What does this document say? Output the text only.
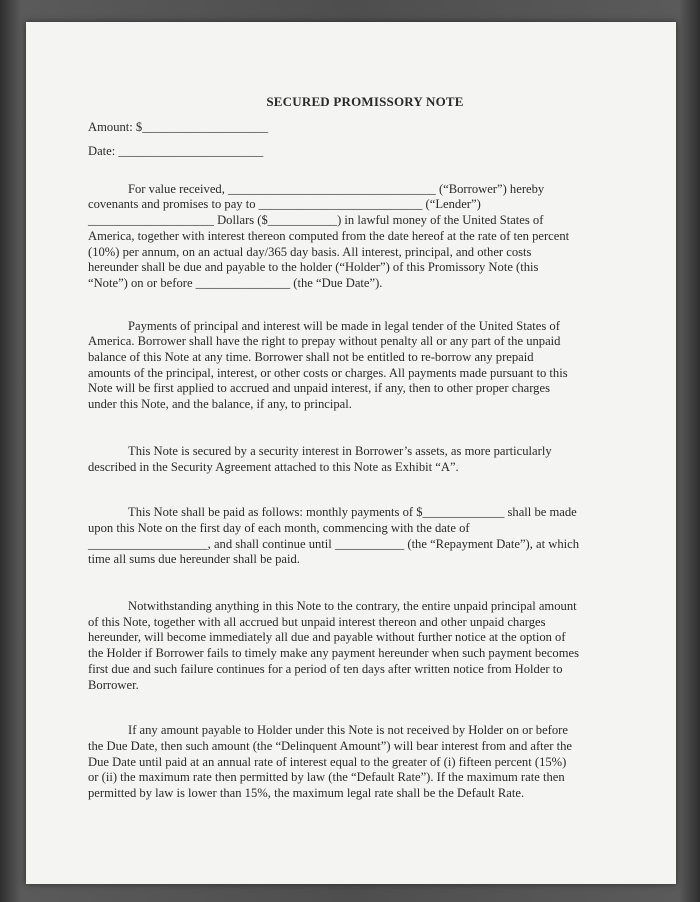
SECURED PROMISSORY NOTE
Amount: $____________________
Date: _______________________
For value received, _________________________________ (“Borrower”) hereby
covenants and promises to pay to __________________________ (“Lender”)
____________________ Dollars ($___________) in lawful money of the United States of
America, together with interest thereon computed from the date hereof at the rate of ten percent
(10%) per annum, on an actual day/365 day basis. All interest, principal, and other costs
hereunder shall be due and payable to the holder (“Holder”) of this Promissory Note (this
“Note”) on or before _______________ (the “Due Date”).
Payments of principal and interest will be made in legal tender of the United States of
America. Borrower shall have the right to prepay without penalty all or any part of the unpaid
balance of this Note at any time. Borrower shall not be entitled to re-borrow any prepaid
amounts of the principal, interest, or other costs or charges. All payments made pursuant to this
Note will be first applied to accrued and unpaid interest, if any, then to other proper charges
under this Note, and the balance, if any, to principal.
This Note is secured by a security interest in Borrower’s assets, as more particularly
described in the Security Agreement attached to this Note as Exhibit “A”.
This Note shall be paid as follows: monthly payments of $_____________ shall be made
upon this Note on the first day of each month, commencing with the date of
___________________, and shall continue until ___________ (the “Repayment Date”), at which
time all sums due hereunder shall be paid.
Notwithstanding anything in this Note to the contrary, the entire unpaid principal amount
of this Note, together with all accrued but unpaid interest thereon and other unpaid charges
hereunder, will become immediately all due and payable without further notice at the option of
the Holder if Borrower fails to timely make any payment hereunder when such payment becomes
first due and such failure continues for a period of ten days after written notice from Holder to
Borrower.
If any amount payable to Holder under this Note is not received by Holder on or before
the Due Date, then such amount (the “Delinquent Amount”) will bear interest from and after the
Due Date until paid at an annual rate of interest equal to the greater of (i) fifteen percent (15%)
or (ii) the maximum rate then permitted by law (the “Default Rate”). If the maximum rate then
permitted by law is lower than 15%, the maximum legal rate shall be the Default Rate.
